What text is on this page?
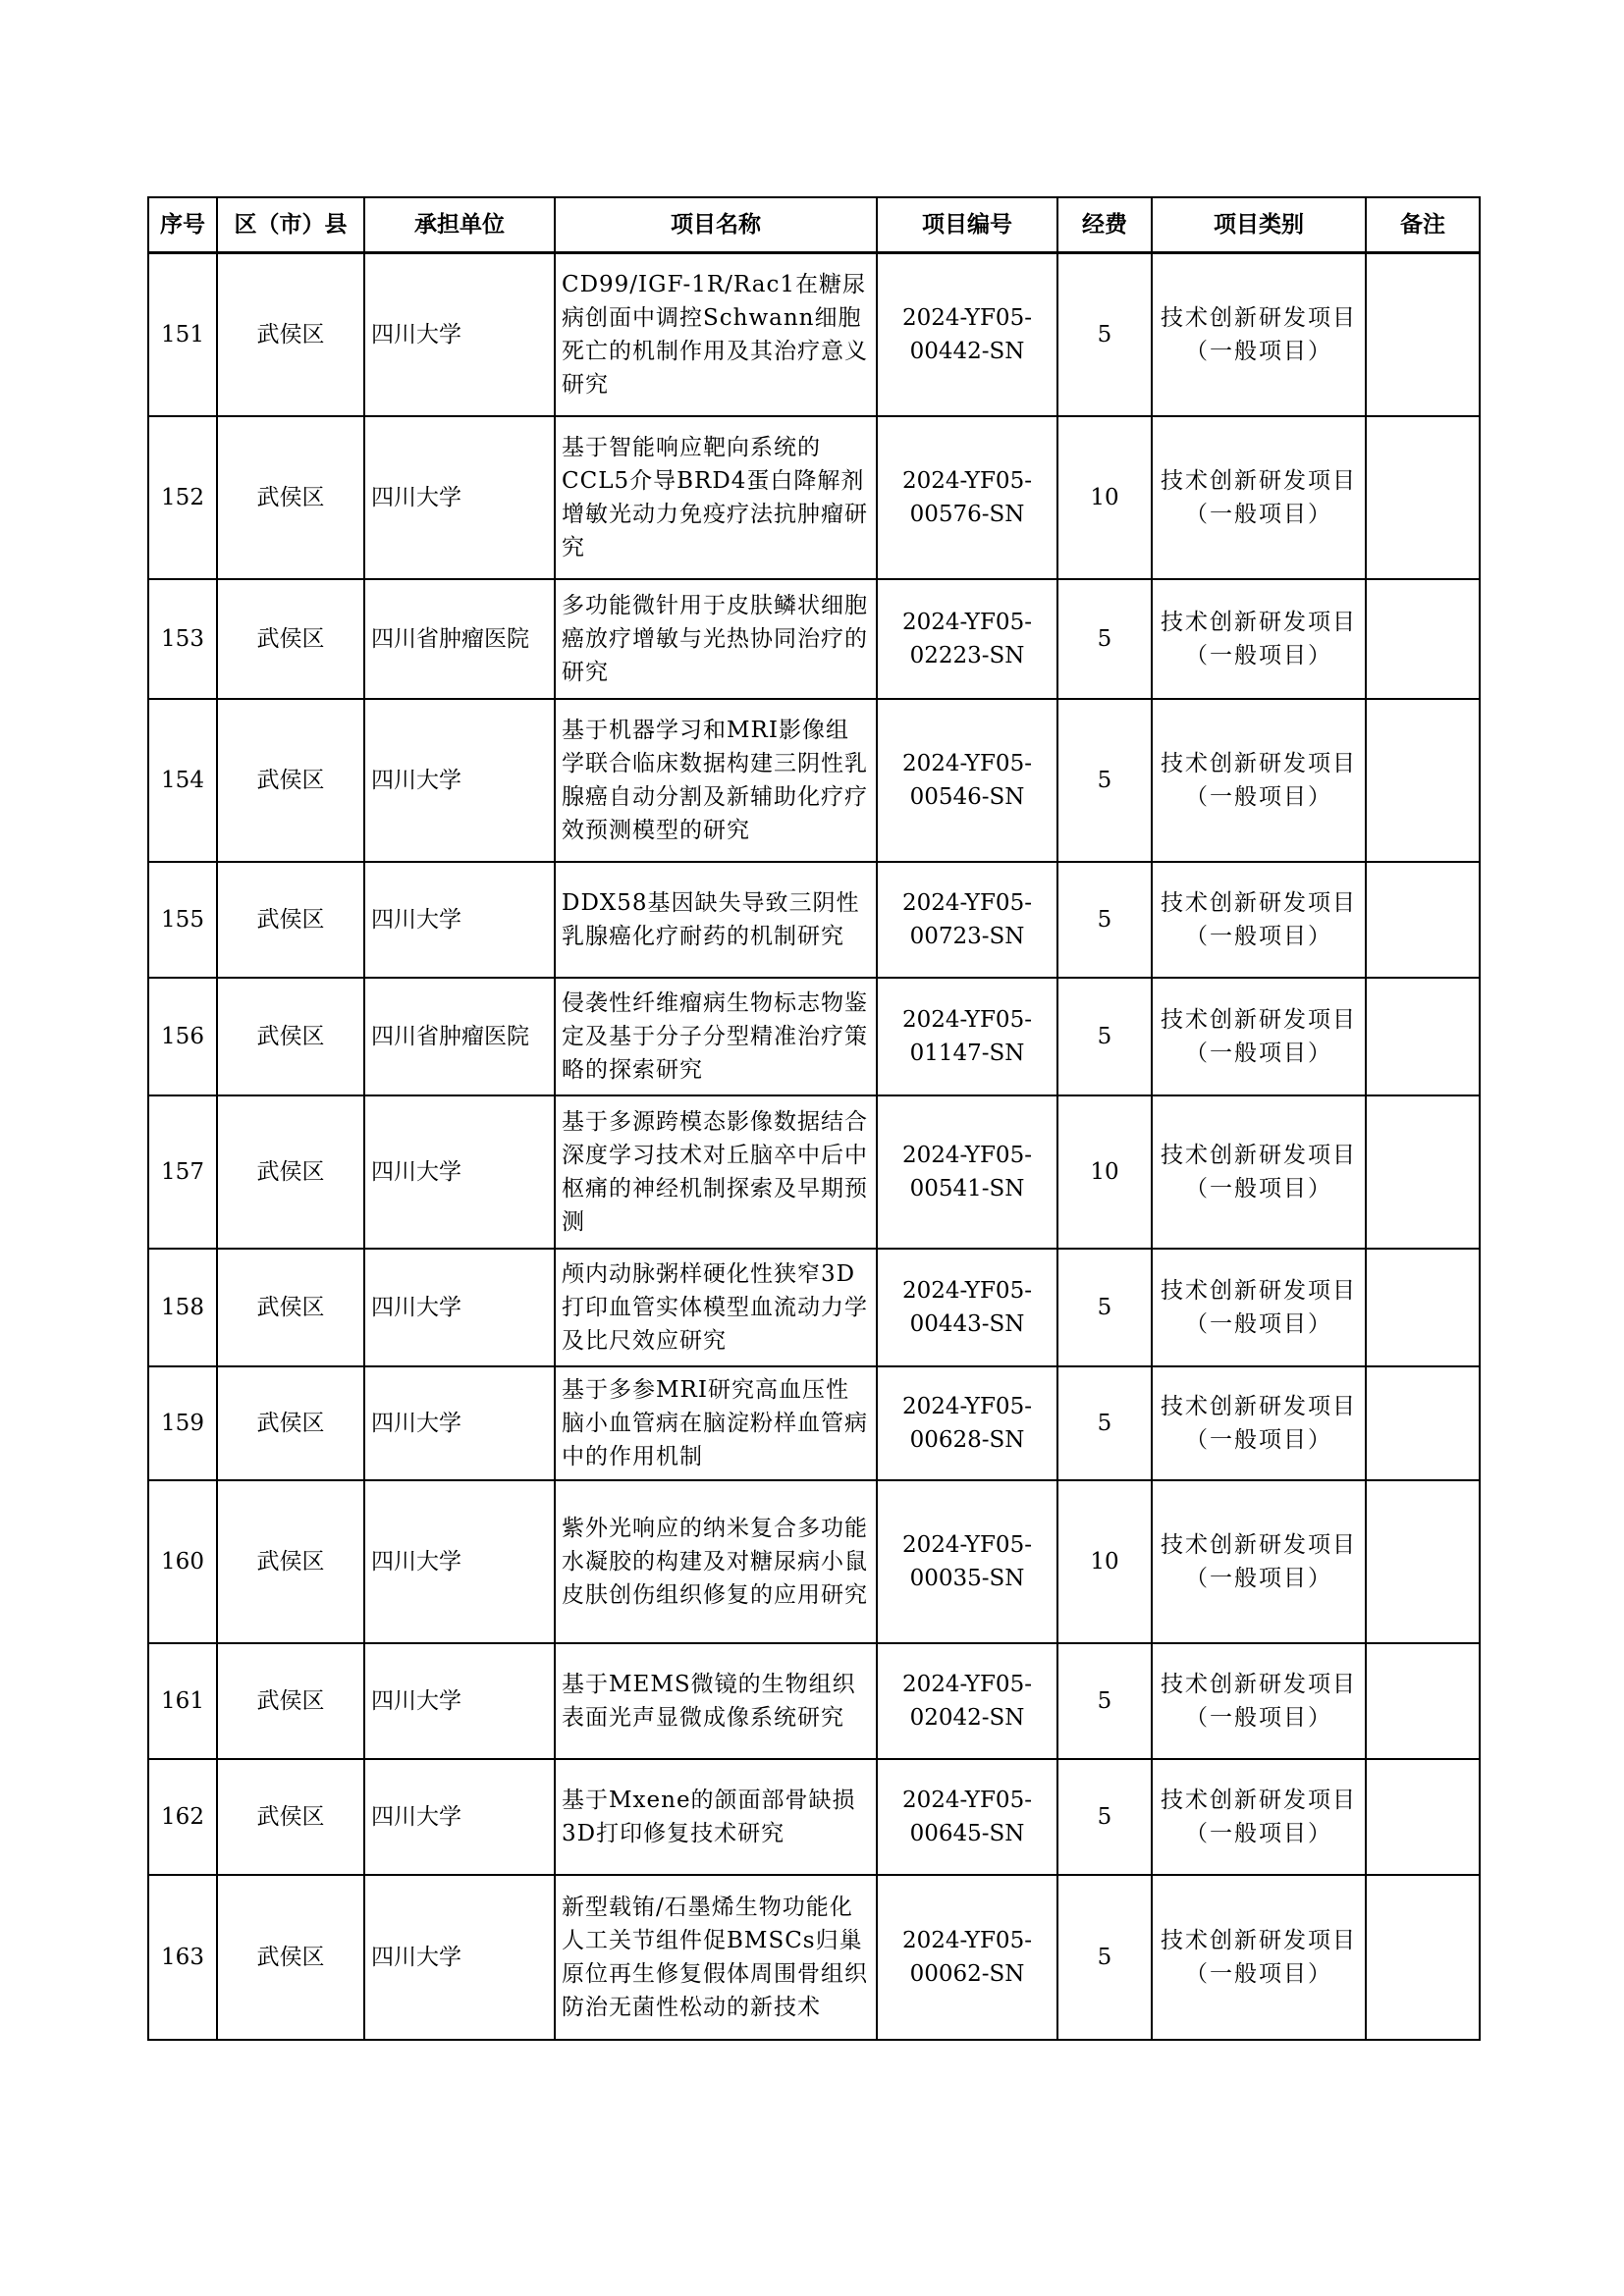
序号	区（市）县	承担单位	项目名称	项目编号	经费	项目类别	备注
151	武侯区	四川大学	CD99/IGF-1R/Rac1在糖尿病创面中调控Schwann细胞死亡的机制作用及其治疗意义研究	2024-YF05-00442-SN	5	技术创新研发项目
（一般项目）	

152	武侯区	四川大学	基于智能响应靶向系统的CCL5介导BRD4蛋白降解剂增敏光动力免疫疗法抗肿瘤研究	2024-YF05-00576-SN	10	技术创新研发项目
（一般项目）	

153	武侯区	四川省肿瘤医院	多功能微针用于皮肤鳞状细胞癌放疗增敏与光热协同治疗的研究	2024-YF05-02223-SN	5	技术创新研发项目
（一般项目）	

154	武侯区	四川大学	基于机器学习和MRI影像组学联合临床数据构建三阴性乳腺癌自动分割及新辅助化疗疗效预测模型的研究	2024-YF05-00546-SN	5	技术创新研发项目
（一般项目）	

155	武侯区	四川大学	DDX58基因缺失导致三阴性乳腺癌化疗耐药的机制研究	2024-YF05-00723-SN	5	技术创新研发项目
（一般项目）	

156	武侯区	四川省肿瘤医院	侵袭性纤维瘤病生物标志物鉴定及基于分子分型精准治疗策略的探索研究	2024-YF05-01147-SN	5	技术创新研发项目
（一般项目）	

157	武侯区	四川大学	基于多源跨模态影像数据结合深度学习技术对丘脑卒中后中枢痛的神经机制探索及早期预测	2024-YF05-00541-SN	10	技术创新研发项目
（一般项目）	

158	武侯区	四川大学	颅内动脉粥样硬化性狭窄3D打印血管实体模型血流动力学及比尺效应研究	2024-YF05-00443-SN	5	技术创新研发项目
（一般项目）	

159	武侯区	四川大学	基于多参MRI研究高血压性脑小血管病在脑淀粉样血管病中的作用机制	2024-YF05-00628-SN	5	技术创新研发项目
（一般项目）	

160	武侯区	四川大学	紫外光响应的纳米复合多功能水凝胶的构建及对糖尿病小鼠皮肤创伤组织修复的应用研究	2024-YF05-00035-SN	10	技术创新研发项目
（一般项目）	

161	武侯区	四川大学	基于MEMS微镜的生物组织表面光声显微成像系统研究	2024-YF05-02042-SN	5	技术创新研发项目
（一般项目）	

162	武侯区	四川大学	基于Mxene的颌面部骨缺损3D打印修复技术研究	2024-YF05-00645-SN	5	技术创新研发项目
（一般项目）	

163	武侯区	四川大学	新型载铕/石墨烯生物功能化人工关节组件促BMSCs归巢原位再生修复假体周围骨组织防治无菌性松动的新技术	2024-YF05-00062-SN	5	技术创新研发项目
（一般项目）	
